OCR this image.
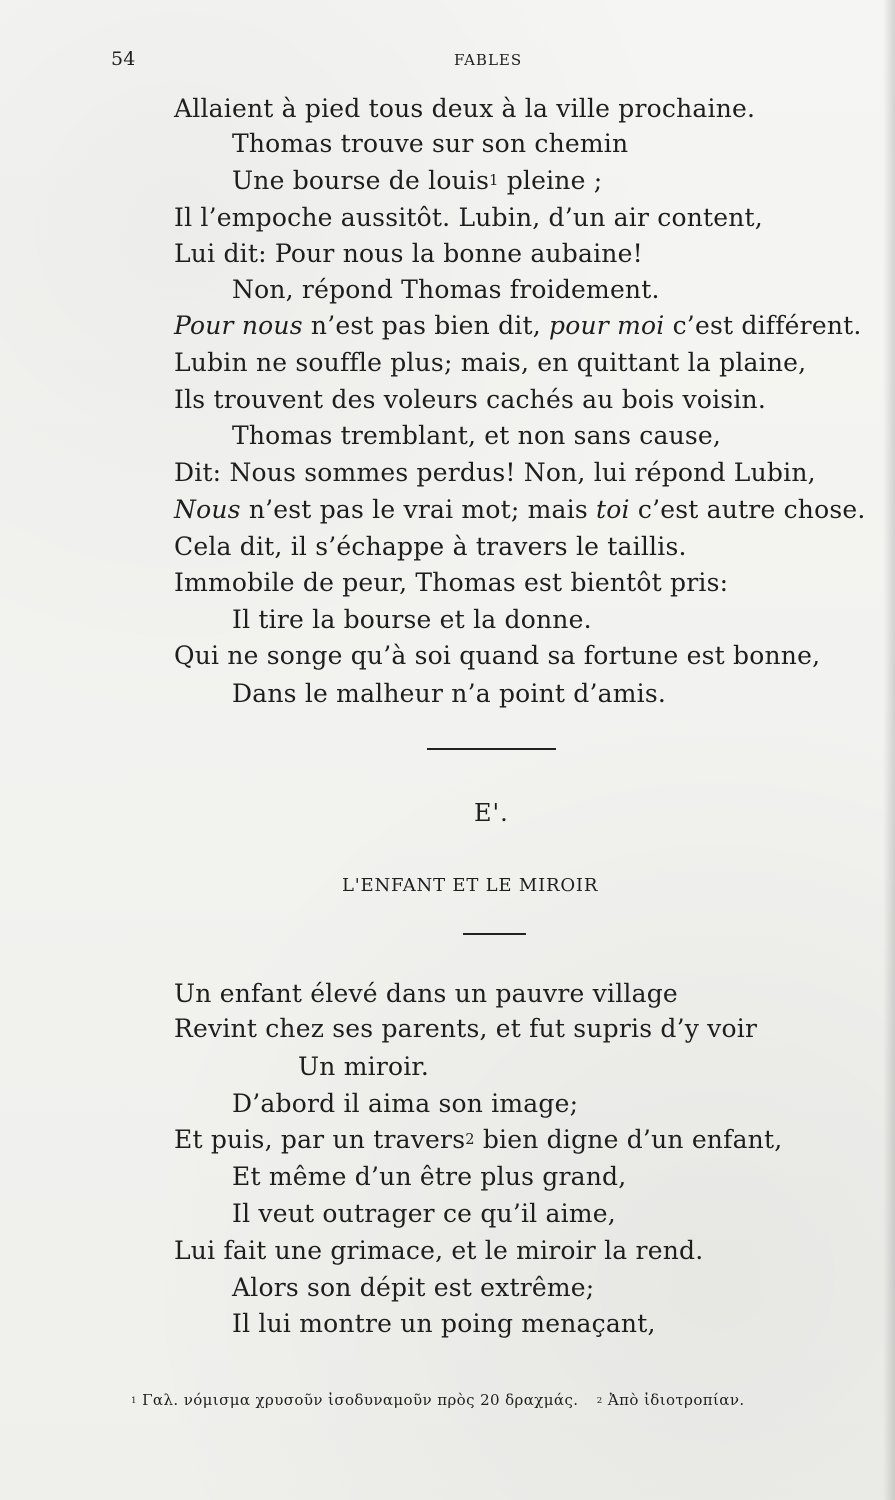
54	FABLES
Allaient à pied tous deux à la ville prochaine.
Thomas trouve sur son chemin
Une bourse de louis$^1$ pleine ;
Il l’empoche aussitôt. Lubin, d’un air content,
Lui dit: Pour nous la bonne aubaine!
Non, répond Thomas froidement.
Pour nous n’est pas bien dit, pour moi c’est différent.
Lubin ne souffle plus; mais, en quittant la plaine,
Ils trouvent des voleurs cachés au bois voisin.
Thomas tremblant, et non sans cause,
Dit: Nous sommes perdus! Non, lui répond Lubin,
Nous n’est pas le vrai mot; mais toi c’est autre chose.
Cela dit, il s’échappe à travers le taillis.
Immobile de peur, Thomas est bientôt pris:
Il tire la bourse et la donne.
Qui ne songe qu’à soi quand sa fortune est bonne,
Dans le malheur n’a point d’amis.
E'.
L'ENFANT ET LE MIROIR
Un enfant élevé dans un pauvre village
Revint chez ses parents, et fut supris d’y voir
Un miroir.
D’abord il aima son image;
Et puis, par un travers$^2$ bien digne d’un enfant,
Et même d’un être plus grand,
Il veut outrager ce qu’il aime,
Lui fait une grimace, et le miroir la rend.
Alors son dépit est extrême;
Il lui montre un poing menaçant,
$^1$ Γαλ. νόμισμα χρυσοῦν ἰσοδυναμοῦν πρὸς 20 δραχμάς. $^2$ Ἀπὸ ἰδιοτροπίαν.
